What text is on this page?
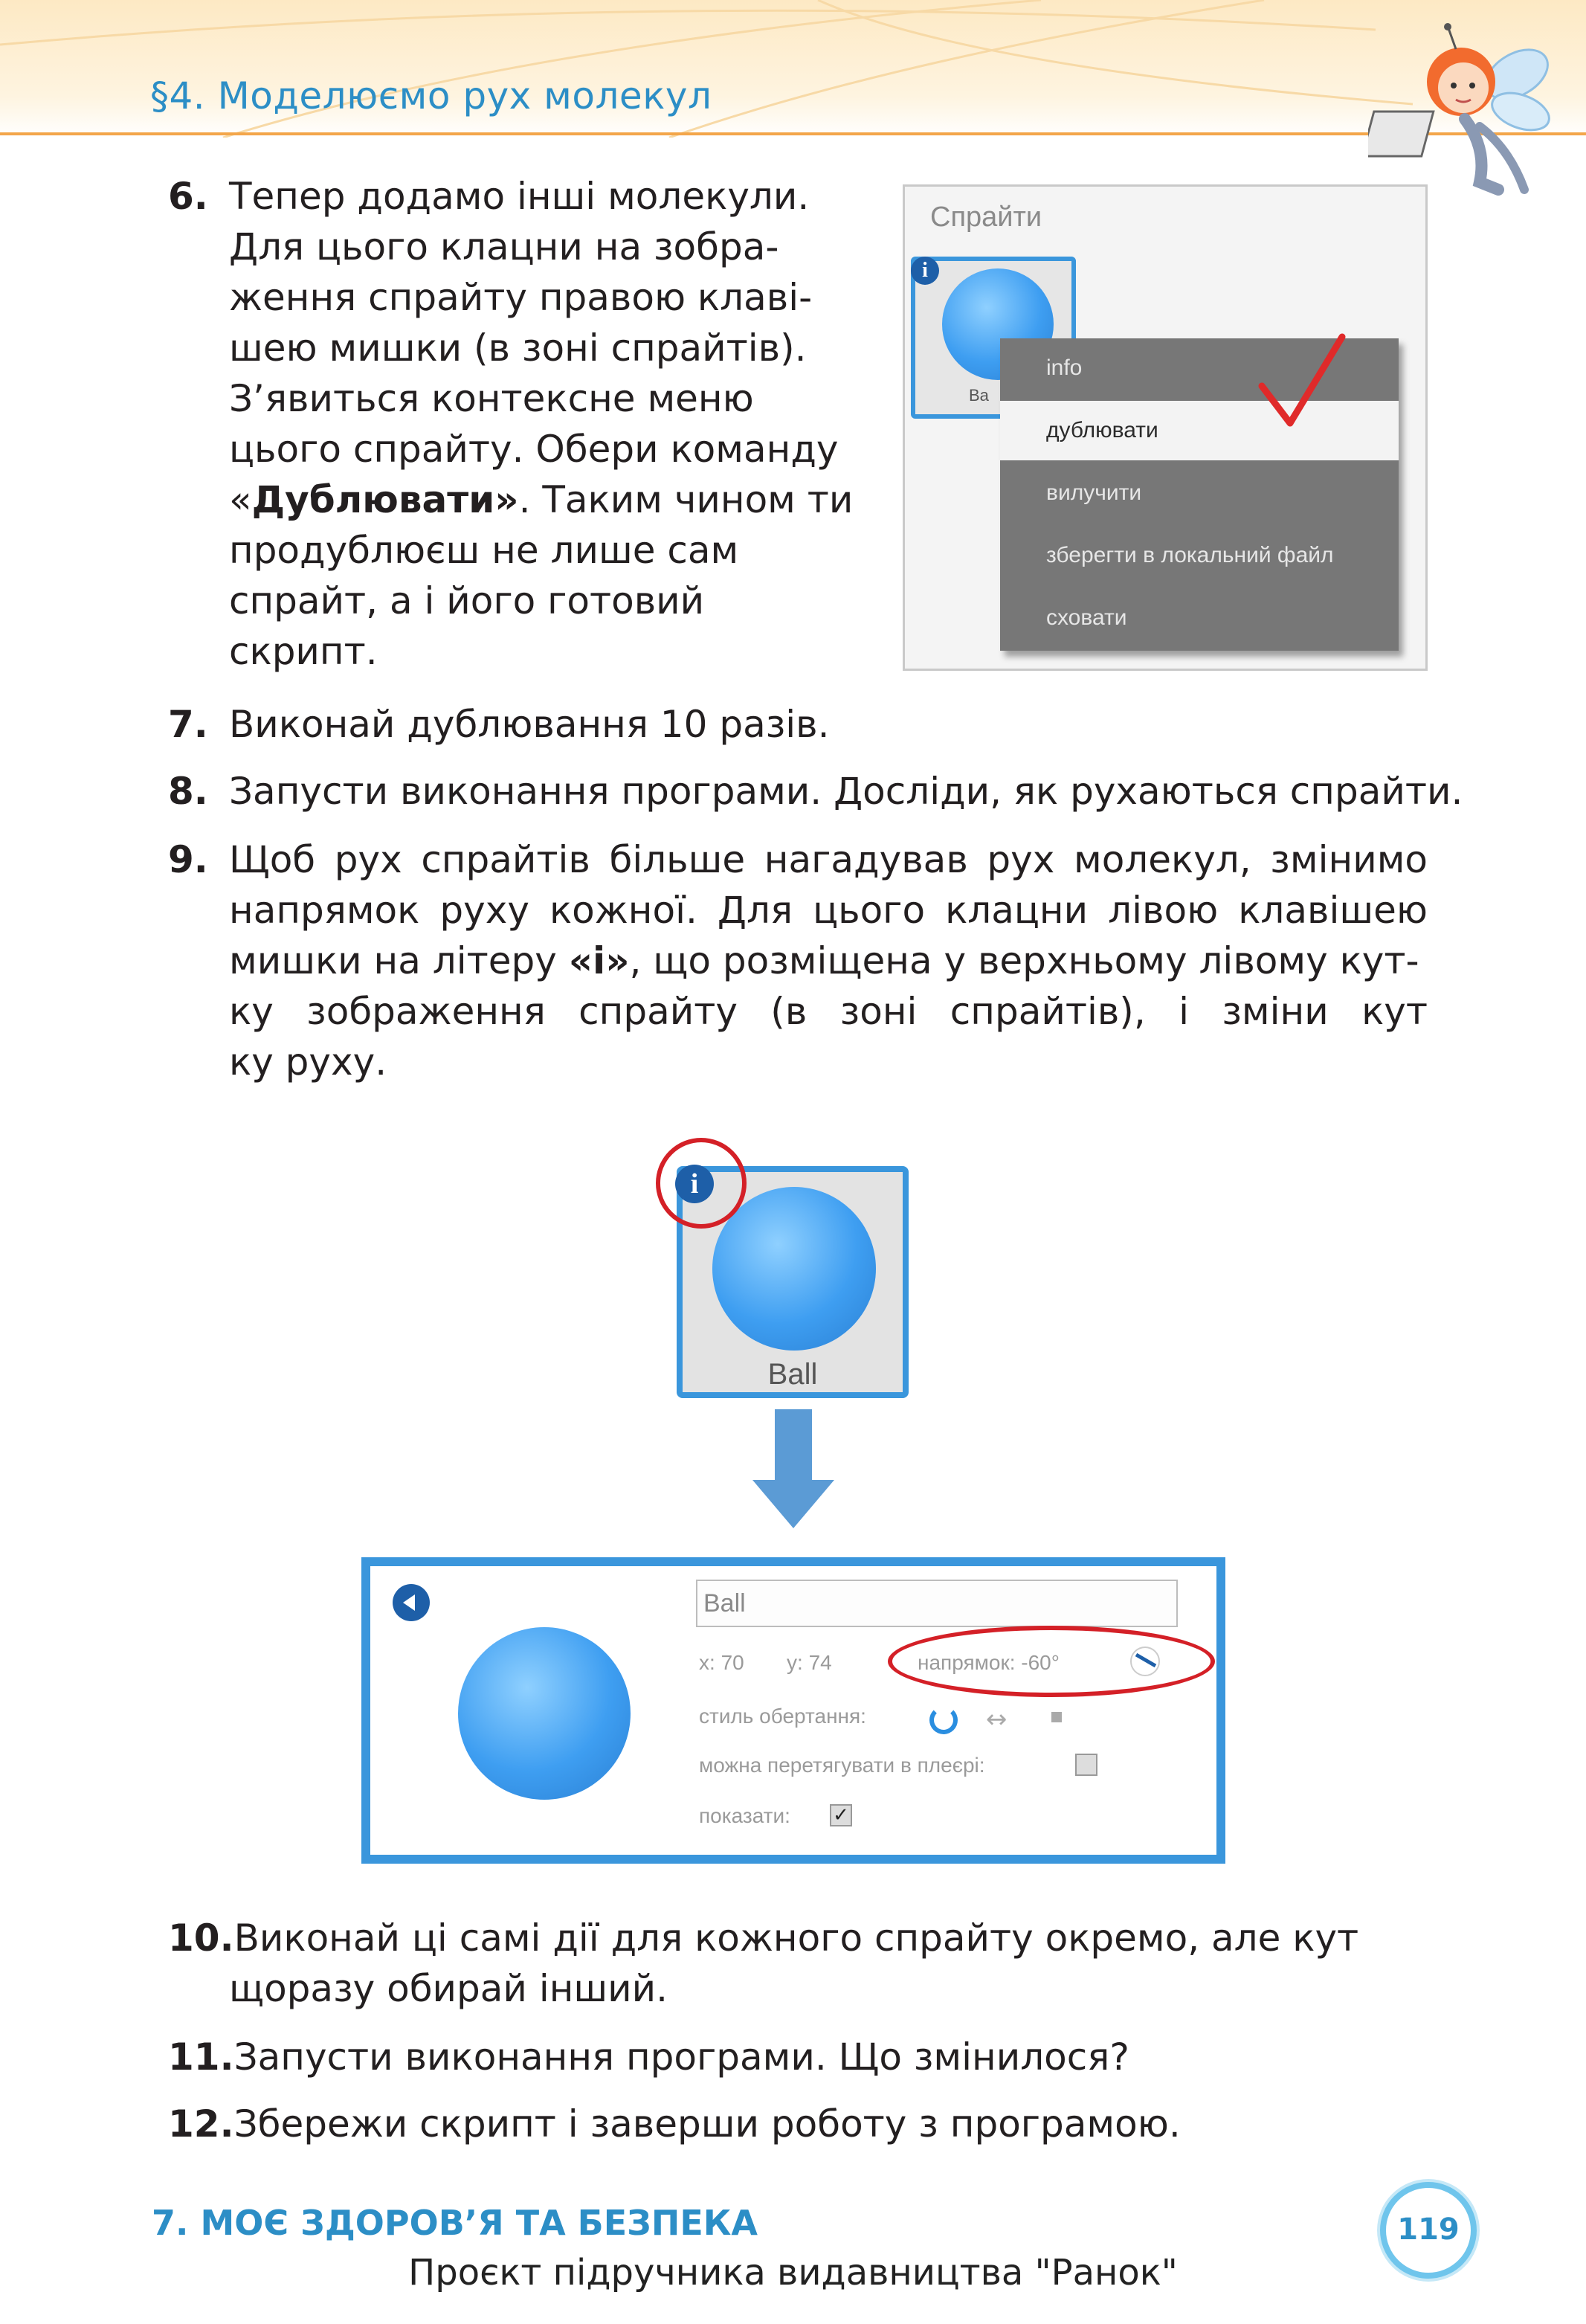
§4. Моделюємо рух молекул
6. Тепер додамо інші молекули.
Для цього клацни на зобра-
ження спрайту правою клаві-
шею мишки (в зоні спрайтів).
З’явиться контексне меню
цього спрайту. Обери команду
«Дублювати». Таким чином ти
продублюєш не лише сам
спрайт, а і його готовий
скрипт.
Спрайти
Ba
i
info
дублювати
вилучити
зберегти в локальний файл
сховати
7. Виконай дублювання 10 разів.
8. Запусти виконання програми. Досліди, як рухаються спрайти.
9. Щоб рух спрайтів більше нагадував рух молекул, змінимо
напрямок руху кожної. Для цього клацни лівою клавішею
мишки на літеру «і», що розміщена у верхньому лівому кут-
ку зображення спрайту (в зоні спрайтів), і зміни кут
ку руху.
Ball
i
Ball
x: 70 y: 74	напрямок: -60°
стиль обертання:	↔
можна перетягувати в плеєрі:
показати: ✓
10.Виконай ці самі дії для кожного спрайту окремо, але кут
щоразу обирай інший.
11.Запусти виконання програми. Що змінилося?
12.Збережи скрипт і заверши роботу з програмою.
7. МОЄ ЗДОРОВ’Я ТА БЕЗПЕКА	119
Проєкт підручника видавництва "Ранок"
